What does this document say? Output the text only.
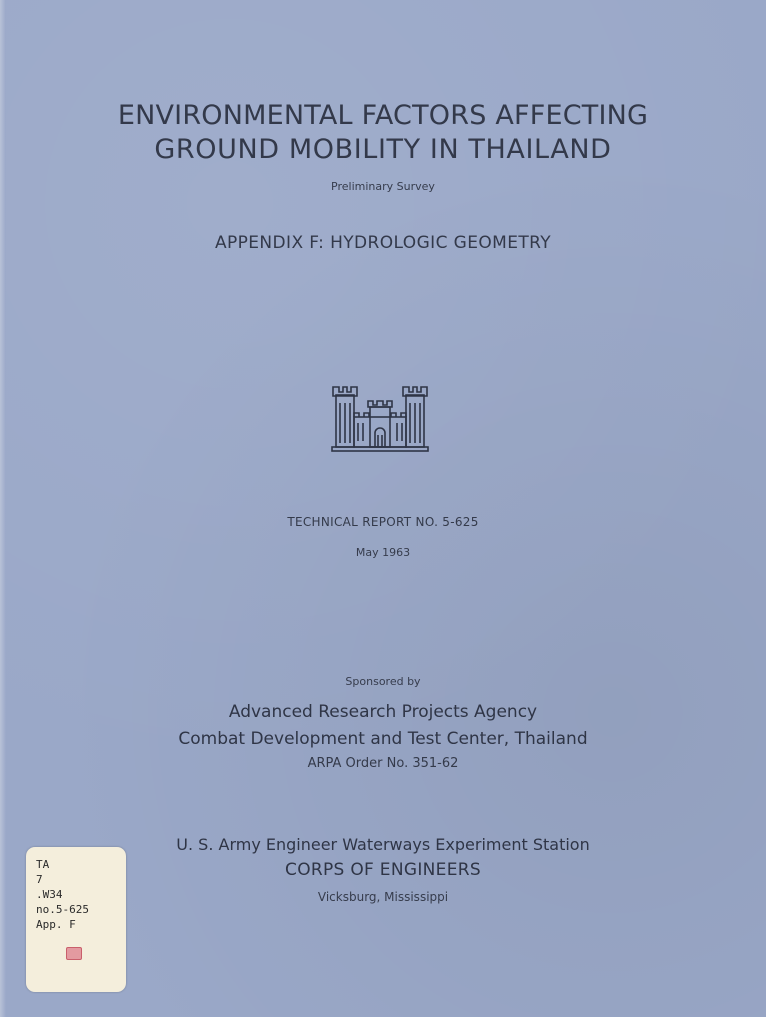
ENVIRONMENTAL FACTORS AFFECTING

GROUND MOBILITY IN THAILAND

Preliminary Survey

APPENDIX F: HYDROLOGIC GEOMETRY

TECHNICAL REPORT NO. 5-625

May 1963

Sponsored by

Advanced Research Projects Agency

Combat Development and Test Center, Thailand

ARPA Order No. 351-62

U. S. Army Engineer Waterways Experiment Station

CORPS OF ENGINEERS

Vicksburg, Mississippi

TA
7
.W34
no.5-625
App. F
